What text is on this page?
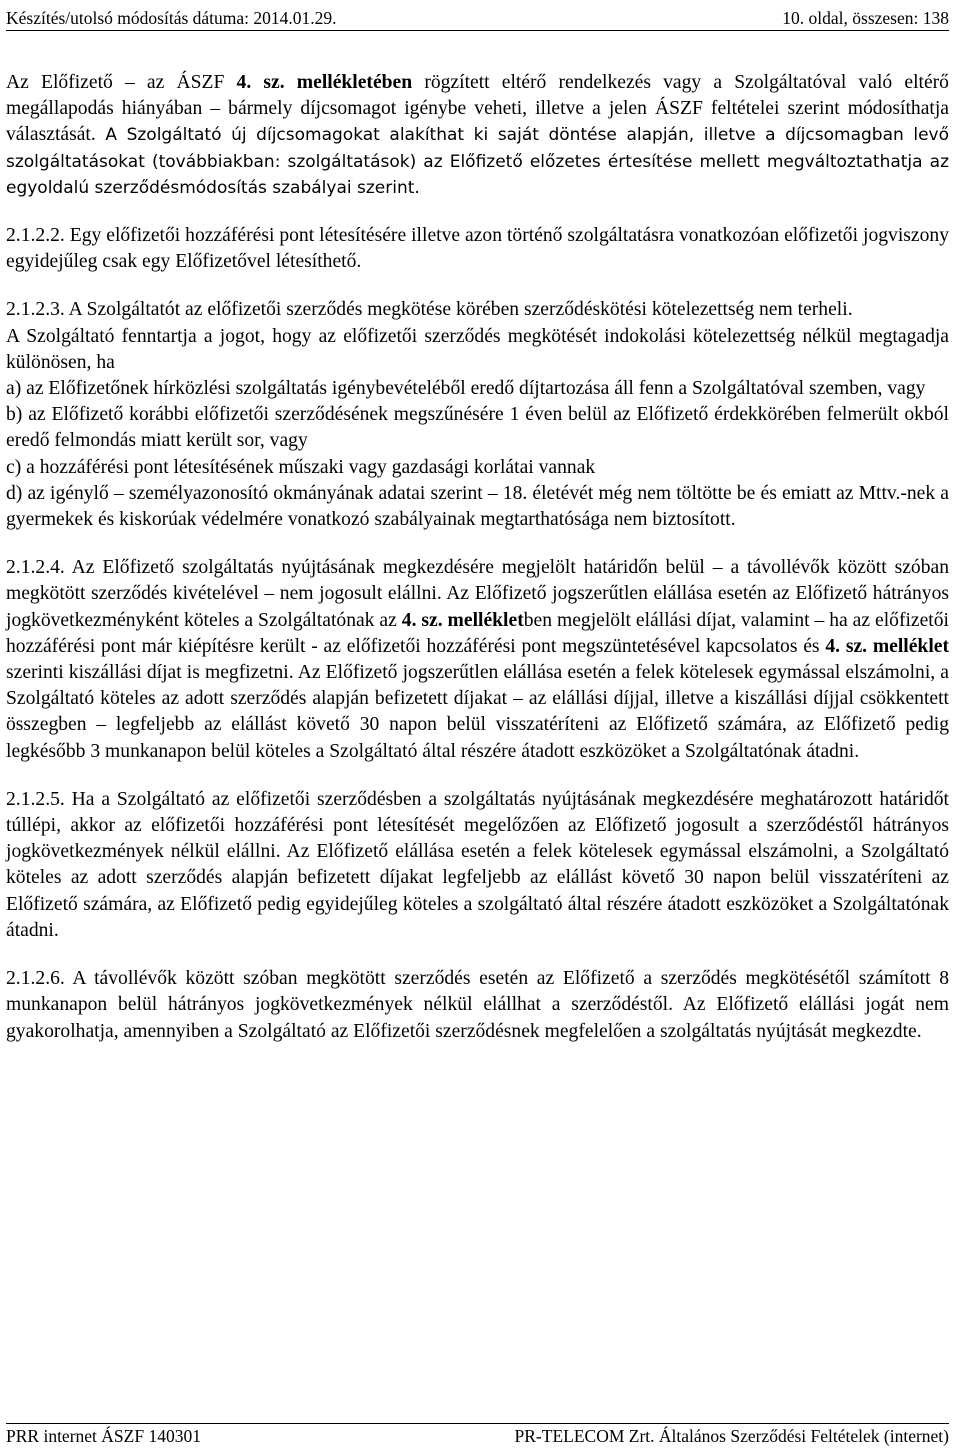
Készítés/utolsó módosítás dátuma: 2014.01.29.	10. oldal, összesen: 138

Az Előfizető – az ÁSZF 4. sz. mellékletében rögzített eltérő rendelkezés vagy a Szolgáltatóval való eltérő megállapodás hiányában – bármely díjcsomagot igénybe veheti, illetve a jelen ÁSZF feltételei szerint módosíthatja választását. A Szolgáltató új díjcsomagokat alakíthat ki saját döntése alapján, illetve a díjcsomagban levő szolgáltatásokat (továbbiakban: szolgáltatások) az Előfizető előzetes értesítése mellett megváltoztathatja az egyoldalú szerződésmódosítás szabályai szerint.

2.1.2.2. Egy előfizetői hozzáférési pont létesítésére illetve azon történő szolgáltatásra vonatkozóan előfizetői jogviszony egyidejűleg csak egy Előfizetővel létesíthető.

2.1.2.3. A Szolgáltatót az előfizetői szerződés megkötése körében szerződéskötési kötelezettség nem terheli.

A Szolgáltató fenntartja a jogot, hogy az előfizetői szerződés megkötését indokolási kötelezettség nélkül megtagadja különösen, ha

a) az Előfizetőnek hírközlési szolgáltatás igénybevételéből eredő díjtartozása áll fenn a Szolgáltatóval szemben, vagy

b) az Előfizető korábbi előfizetői szerződésének megszűnésére 1 éven belül az Előfizető érdekkörében felmerült okból eredő felmondás miatt került sor, vagy

c) a hozzáférési pont létesítésének műszaki vagy gazdasági korlátai vannak

d) az igénylő – személyazonosító okmányának adatai szerint – 18. életévét még nem töltötte be és emiatt az Mttv.-nek a gyermekek és kiskorúak védelmére vonatkozó szabályainak megtarthatósága nem biztosított.

2.1.2.4. Az Előfizető szolgáltatás nyújtásának megkezdésére megjelölt határidőn belül – a távollévők között szóban megkötött szerződés kivételével – nem jogosult elállni. Az Előfizető jogszerűtlen elállása esetén az Előfizető hátrányos jogkövetkezményként köteles a Szolgáltatónak az 4. sz. mellékletben megjelölt elállási díjat, valamint – ha az előfizetői hozzáférési pont már kiépítésre került - az előfizetői hozzáférési pont megszüntetésével kapcsolatos és 4. sz. melléklet szerinti kiszállási díjat is megfizetni. Az Előfizető jogszerűtlen elállása esetén a felek kötelesek egymással elszámolni, a Szolgáltató köteles az adott szerződés alapján befizetett díjakat – az elállási díjjal, illetve a kiszállási díjjal csökkentett összegben – legfeljebb az elállást követő 30 napon belül visszatéríteni az Előfizető számára, az Előfizető pedig legkésőbb 3 munkanapon belül köteles a Szolgáltató által részére átadott eszközöket a Szolgáltatónak átadni.

2.1.2.5. Ha a Szolgáltató az előfizetői szerződésben a szolgáltatás nyújtásának megkezdésére meghatározott határidőt túllépi, akkor az előfizetői hozzáférési pont létesítését megelőzően az Előfizető jogosult a szerződéstől hátrányos jogkövetkezmények nélkül elállni. Az Előfizető elállása esetén a felek kötelesek egymással elszámolni, a Szolgáltató köteles az adott szerződés alapján befizetett díjakat legfeljebb az elállást követő 30 napon belül visszatéríteni az Előfizető számára, az Előfizető pedig egyidejűleg köteles a szolgáltató által részére átadott eszközöket a Szolgáltatónak átadni.

2.1.2.6. A távollévők között szóban megkötött szerződés esetén az Előfizető a szerződés megkötésétől számított 8 munkanapon belül hátrányos jogkövetkezmények nélkül elállhat a szerződéstől. Az Előfizető elállási jogát nem gyakorolhatja, amennyiben a Szolgáltató az Előfizetői szerződésnek megfelelően a szolgáltatás nyújtását megkezdte.

PRR internet ÁSZF 140301	PR-TELECOM Zrt. Általános Szerződési Feltételek (internet)
